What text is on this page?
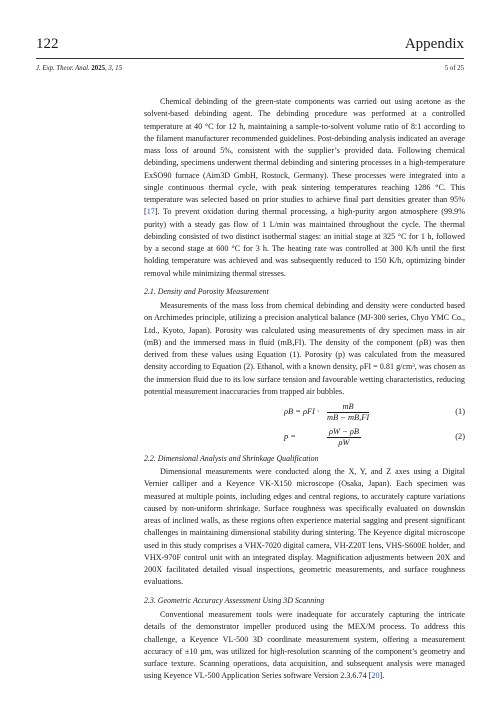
122	Appendix
J. Exp. Theor. Anal. 2025, 3, 15	5 of 25

Chemical debinding of the green-state components was carried out using acetone as the solvent-based debinding agent. The debinding procedure was performed at a controlled temperature at 40 °C for 12 h, maintaining a sample-to-solvent volume ratio of 8:1 according to the filament manufacturer recommended guidelines. Post-debinding analysis indicated an average mass loss of around 5%, consistent with the supplier’s provided data. Following chemical debinding, specimens underwent thermal debinding and sintering processes in a high-temperature ExSO90 furnace (Aim3D GmbH, Rostock, Germany). These processes were integrated into a single continuous thermal cycle, with peak sintering temperatures reaching 1286 °C. This temperature was selected based on prior studies to achieve final part densities greater than 95% [17]. To prevent oxidation during thermal processing, a high-purity argon atmosphere (99.9% purity) with a steady gas flow of 1 L/min was maintained throughout the cycle. The thermal debinding consisted of two distinct isothermal stages: an initial stage at 325 °C for 1 h, followed by a second stage at 600 °C for 3 h. The heating rate was controlled at 300 K/h until the first holding temperature was achieved and was subsequently reduced to 150 K/h, optimizing binder removal while minimizing thermal stresses.

2.1. Density and Porosity Measurement

Measurements of the mass loss from chemical debinding and density were conducted based on Archimedes principle, utilizing a precision analytical balance (MJ-300 series, Chyo YMC Co., Ltd., Kyoto, Japan). Porosity was calculated using measurements of dry specimen mass in air (mB) and the immersed mass in fluid (mB,FI). The density of the component (ρB) was then derived from these values using Equation (1). Porosity (p) was calculated from the measured density according to Equation (2). Ethanol, with a known density, ρFI = 0.81 g/cm³, was chosen as the immersion fluid due to its low surface tension and favourable wetting characteristics, reducing potential measurement inaccuracies from trapped air bubbles.

$\rho B = \rho FI \cdot \frac{mB}{mB - mB,FI}$	(1)
p =	$\frac{\rho W - \rho B}{\rho W}$	(2)
2.2. Dimensional Analysis and Shrinkage Qualification

Dimensional measurements were conducted along the X, Y, and Z axes using a Digital Vernier calliper and a Keyence VK-X150 microscope (Osaka, Japan). Each specimen was measured at multiple points, including edges and central regions, to accurately capture variations caused by non-uniform shrinkage. Surface roughness was specifically evaluated on downskin areas of inclined walls, as these regions often experience material sagging and present significant challenges in maintaining dimensional stability during sintering. The Keyence digital microscope used in this study comprises a VHX-7020 digital camera, VH-Z20T lens, VHS-S600E holder, and VHX-970F control unit with an integrated display. Magnification adjustments between 20X and 200X facilitated detailed visual inspections, geometric measurements, and surface roughness evaluations.

2.3. Geometric Accuracy Assessment Using 3D Scanning

Conventional measurement tools were inadequate for accurately capturing the intricate details of the demonstrator impeller produced using the MEX/M process. To address this challenge, a Keyence VL-500 3D coordinate measurement system, offering a measurement accuracy of ±10 µm, was utilized for high-resolution scanning of the component’s geometry and surface texture. Scanning operations, data acquisition, and subsequent analysis were managed using Keyence VL-500 Application Series software Version 2.3.6.74 [20].
